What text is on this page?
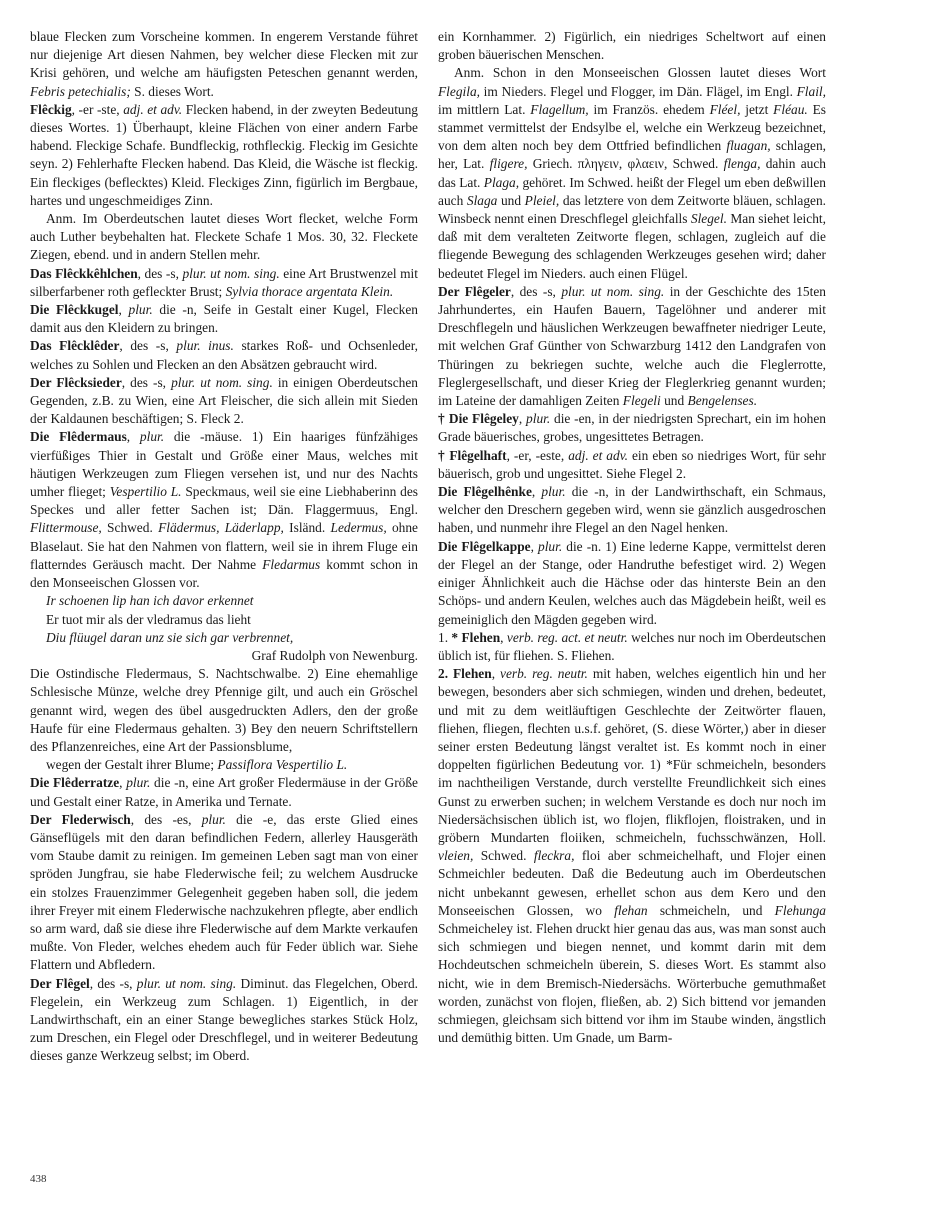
blaue Flecken zum Vorscheine kommen. In engerem Verstande führet nur diejenige Art diesen Nahmen, bey welcher diese Flecken mit zur Krisi gehören, und welche am häufigsten Peteschen genannt werden, Febris petechialis; S. dieses Wort.

Flêckig, -er -ste, adj. et adv. Flecken habend, in der zweyten Bedeutung dieses Wortes. 1) Überhaupt, kleine Flächen von einer andern Farbe habend. Fleckige Schafe. Bundfleckig, rothfleckig. Fleckig im Gesichte seyn. 2) Fehlerhafte Flecken habend. Das Kleid, die Wäsche ist fleckig. Ein fleckiges (beflecktes) Kleid. Fleckiges Zinn, figürlich im Bergbaue, hartes und ungeschmeidiges Zinn.

Anm. Im Oberdeutschen lautet dieses Wort flecket, welche Form auch Luther beybehalten hat. Fleckete Schafe 1 Mos. 30, 32. Fleckete Ziegen, ebend. und in andern Stellen mehr.

Das Flêckkêhlchen, des -s, plur. ut nom. sing. eine Art Brustwenzel mit silberfarbener roth gefleckter Brust; Sylvia thorace argentata Klein.

Die Flêckkugel, plur. die -n, Seife in Gestalt einer Kugel, Flecken damit aus den Kleidern zu bringen.

Das Flêcklêder, des -s, plur. inus. starkes Roß- und Ochsenleder, welches zu Sohlen und Flecken an den Absätzen gebraucht wird.

Der Flêcksieder, des -s, plur. ut nom. sing. in einigen Oberdeutschen Gegenden, z.B. zu Wien, eine Art Fleischer, die sich allein mit Sieden der Kaldaunen beschäftigen; S. Fleck 2.

Die Flêdermaus, plur. die -mäuse. 1) Ein haariges fünfzähiges vierfüßiges Thier in Gestalt und Größe einer Maus, welches mit häutigen Werkzeugen zum Fliegen versehen ist, und nur des Nachts umher flieget; Vespertilio L. Speckmaus, weil sie eine Liebhaberinn des Speckes und aller fetter Sachen ist; Dän. Flaggermuus, Engl. Flittermouse, Schwed. Flädermus, Läderlapp, Isländ. Ledermus, ohne Blaselaut. Sie hat den Nahmen von flattern, weil sie in ihrem Fluge ein flatterndes Geräusch macht. Der Nahme Fledarmus kommt schon in den Monseeischen Glossen vor.

Ir schoenen lip han ich davor erkennet

Er tuot mir als der vledramus das lieht

Diu flüugel daran unz sie sich gar verbrennet,

Graf Rudolph von Newenburg.

Die Ostindische Fledermaus, S. Nachtschwalbe. 2) Eine ehemahlige Schlesische Münze, welche drey Pfennige gilt, und auch ein Gröschel genannt wird, wegen des übel ausgedruckten Adlers, den der große Haufe für eine Fledermaus gehalten. 3) Bey den neuern Schriftstellern des Pflanzenreiches, eine Art der Passionsblume,

wegen der Gestalt ihrer Blume; Passiflora Vespertilio L.

Die Flêderratze, plur. die -n, eine Art großer Fledermäuse in der Größe und Gestalt einer Ratze, in Amerika und Ternate.

Der Flederwisch, des -es, plur. die -e, das erste Glied eines Gänseflügels mit den daran befindlichen Federn, allerley Hausgeräth vom Staube damit zu reinigen. Im gemeinen Leben sagt man von einer spröden Jungfrau, sie habe Flederwische feil; zu welchem Ausdrucke ein stolzes Frauenzimmer Gelegenheit gegeben haben soll, die jedem ihrer Freyer mit einem Flederwische nachzukehren pflegte, aber endlich so arm ward, daß sie diese ihre Flederwische auf dem Markte verkaufen mußte. Von Fleder, welches ehedem auch für Feder üblich war. Siehe Flattern und Abfledern.

Der Flêgel, des -s, plur. ut nom. sing. Diminut. das Flegelchen, Oberd. Flegelein, ein Werkzeug zum Schlagen. 1) Eigentlich, in der Landwirthschaft, ein an einer Stange bewegliches starkes Stück Holz, zum Dreschen, ein Flegel oder Dreschflegel, und in weiterer Bedeutung dieses ganze Werkzeug selbst; im Oberd.

ein Kornhammer. 2) Figürlich, ein niedriges Scheltwort auf einen groben bäuerischen Menschen.

Anm. Schon in den Monseeischen Glossen lautet dieses Wort Flegila, im Nieders. Flegel und Flogger, im Dän. Flägel, im Engl. Flail, im mittlern Lat. Flagellum, im Französ. ehedem Fléel, jetzt Fléau. Es stammet vermittelst der Endsylbe el, welche ein Werkzeug bezeichnet, von dem alten noch bey dem Ottfried befindlichen fluagan, schlagen, her, Lat. fligere, Griech. πληγειν, φλαειν, Schwed. flenga, dahin auch das Lat. Plaga, gehöret. Im Schwed. heißt der Flegel um eben deßwillen auch Slaga und Pleiel, das letztere von dem Zeitworte bläuen, schlagen. Winsbeck nennt einen Dreschflegel gleichfalls Slegel. Man siehet leicht, daß mit dem veralteten Zeitworte flegen, schlagen, zugleich auf die fliegende Bewegung des schlagenden Werkzeuges gesehen wird; daher bedeutet Flegel im Nieders. auch einen Flügel.

Der Flêgeler, des -s, plur. ut nom. sing. in der Geschichte des 15ten Jahrhundertes, ein Haufen Bauern, Tagelöhner und anderer mit Dreschflegeln und häuslichen Werkzeugen bewaffneter niedriger Leute, mit welchen Graf Günther von Schwarzburg 1412 den Landgrafen von Thüringen zu bekriegen suchte, welche auch die Fleglerrotte, Fleglergesellschaft, und dieser Krieg der Fleglerkrieg genannt wurden; im Lateine der damahligen Zeiten Flegeli und Bengelenses.

† Die Flêgeley, plur. die -en, in der niedrigsten Sprechart, ein im hohen Grade bäuerisches, grobes, ungesittetes Betragen.

† Flêgelhaft, -er, -este, adj. et adv. ein eben so niedriges Wort, für sehr bäuerisch, grob und ungesittet. Siehe Flegel 2.

Die Flêgelhênke, plur. die -n, in der Landwirthschaft, ein Schmaus, welcher den Dreschern gegeben wird, wenn sie gänzlich ausgedroschen haben, und nunmehr ihre Flegel an den Nagel henken.

Die Flêgelkappe, plur. die -n. 1) Eine lederne Kappe, vermittelst deren der Flegel an der Stange, oder Handruthe befestiget wird. 2) Wegen einiger Ähnlichkeit auch die Hächse oder das hinterste Bein an den Schöps- und andern Keulen, welches auch das Mägdebein heißt, weil es gemeiniglich den Mägden gegeben wird.

1. * Flehen, verb. reg. act. et neutr. welches nur noch im Oberdeutschen üblich ist, für fliehen. S. Fliehen.

2. Flehen, verb. reg. neutr. mit haben, welches eigentlich hin und her bewegen, besonders aber sich schmiegen, winden und drehen, bedeutet, und mit zu dem weitläuftigen Geschlechte der Zeitwörter flauen, fliehen, fliegen, flechten u.s.f. gehöret, (S. diese Wörter,) aber in dieser seiner ersten Bedeutung längst veraltet ist. Es kommt noch in einer doppelten figürlichen Bedeutung vor. 1) *Für schmeicheln, besonders im nachtheiligen Verstande, durch verstellte Freundlichkeit sich eines Gunst zu erwerben suchen; in welchem Verstande es doch nur noch im Niedersächsischen üblich ist, wo flojen, flikflojen, floistraken, und in gröbern Mundarten floiiken, schmeicheln, fuchsschwänzen, Holl. vleien, Schwed. fleckra, floi aber schmeichelhaft, und Flojer einen Schmeichler bedeuten. Daß die Bedeutung auch im Oberdeutschen nicht unbekannt gewesen, erhellet schon aus dem Kero und den Monseeischen Glossen, wo flehan schmeicheln, und Flehunga Schmeicheley ist. Flehen druckt hier genau das aus, was man sonst auch sich schmiegen und biegen nennet, und kommt darin mit dem Hochdeutschen schmeicheln überein, S. dieses Wort. Es stammt also nicht, wie in dem Bremisch-Niedersächs. Wörterbuche gemuthmaßet worden, zunächst von flojen, fließen, ab. 2) Sich bittend vor jemanden schmiegen, gleichsam sich bittend vor ihm im Staube winden, ängstlich und demüthig bitten. Um Gnade, um Barm-

438
